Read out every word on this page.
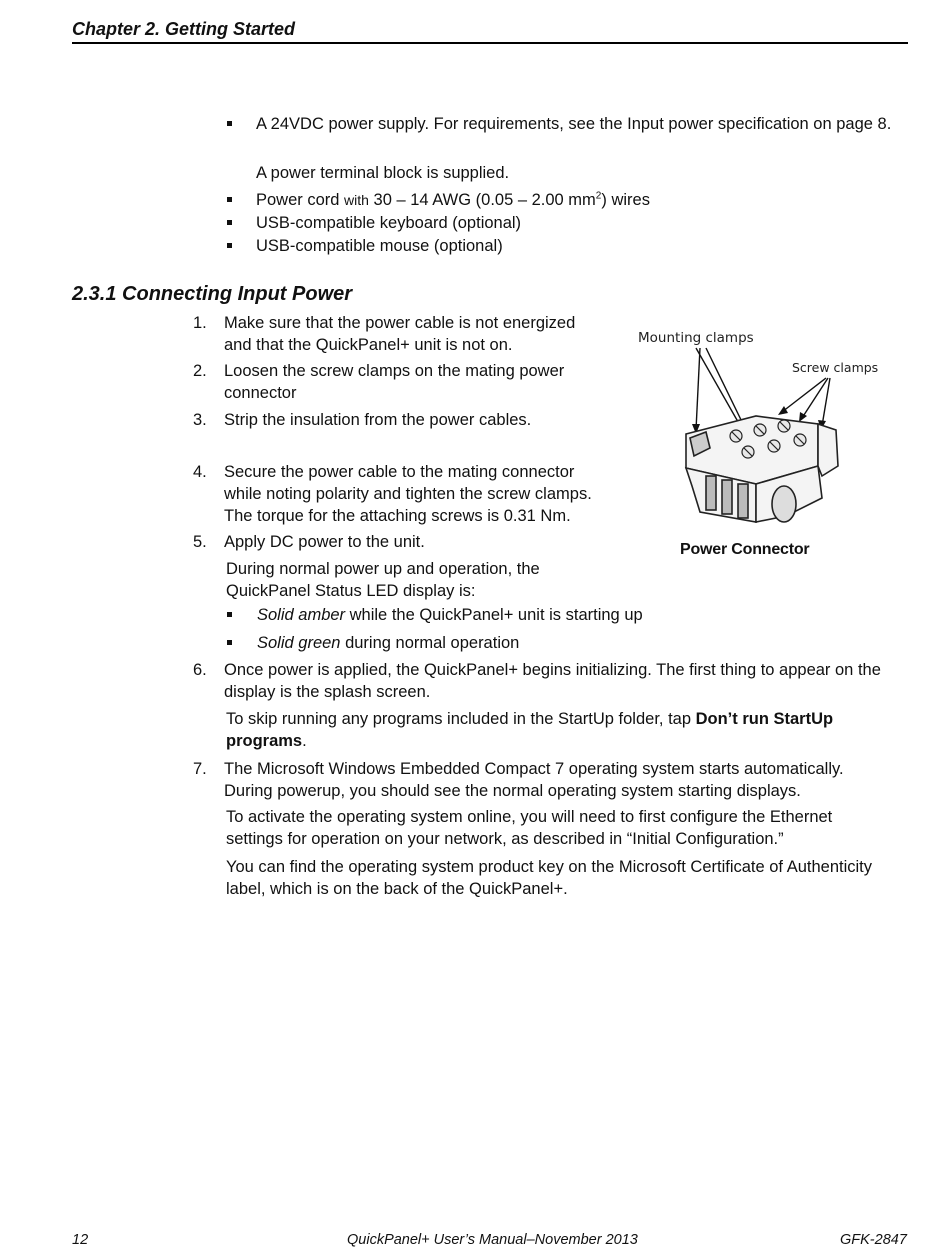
Chapter 2. Getting Started
A 24VDC power supply. For requirements, see the Input power specification on page 8.
A power terminal block is supplied.
Power cord with 30 – 14 AWG (0.05 – 2.00 $mm^2$) wires
USB-compatible keyboard (optional)
USB-compatible mouse (optional)
2.3.1 Connecting Input Power
1. Make sure that the power cable is not energized
and that the QuickPanel+ unit is not on.
2. Loosen the screw clamps on the mating power
connector
3. Strip the insulation from the power cables.
4. Secure the power cable to the mating connector
while noting polarity and tighten the screw clamps.
The torque for the attaching screws is 0.31 Nm.
5. Apply DC power to the unit.
During normal power up and operation, the
QuickPanel Status LED display is:
Solid amber while the QuickPanel+ unit is starting up
Solid green during normal operation
6. Once power is applied, the QuickPanel+ begins initializing. The first thing to appear on the
display is the splash screen.
To skip running any programs included in the StartUp folder, tap Don’t run StartUp
programs.
7. The Microsoft Windows Embedded Compact 7 operating system starts automatically.
During powerup, you should see the normal operating system starting displays.
To activate the operating system online, you will need to first configure the Ethernet
settings for operation on your network, as described in “Initial Configuration.”
You can find the operating system product key on the Microsoft Certificate of Authenticity
label, which is on the back of the QuickPanel+.
Mounting clamps
Screw clamps
Power Connector
12	QuickPanel+ User’s Manual–November 2013	GFK-2847
